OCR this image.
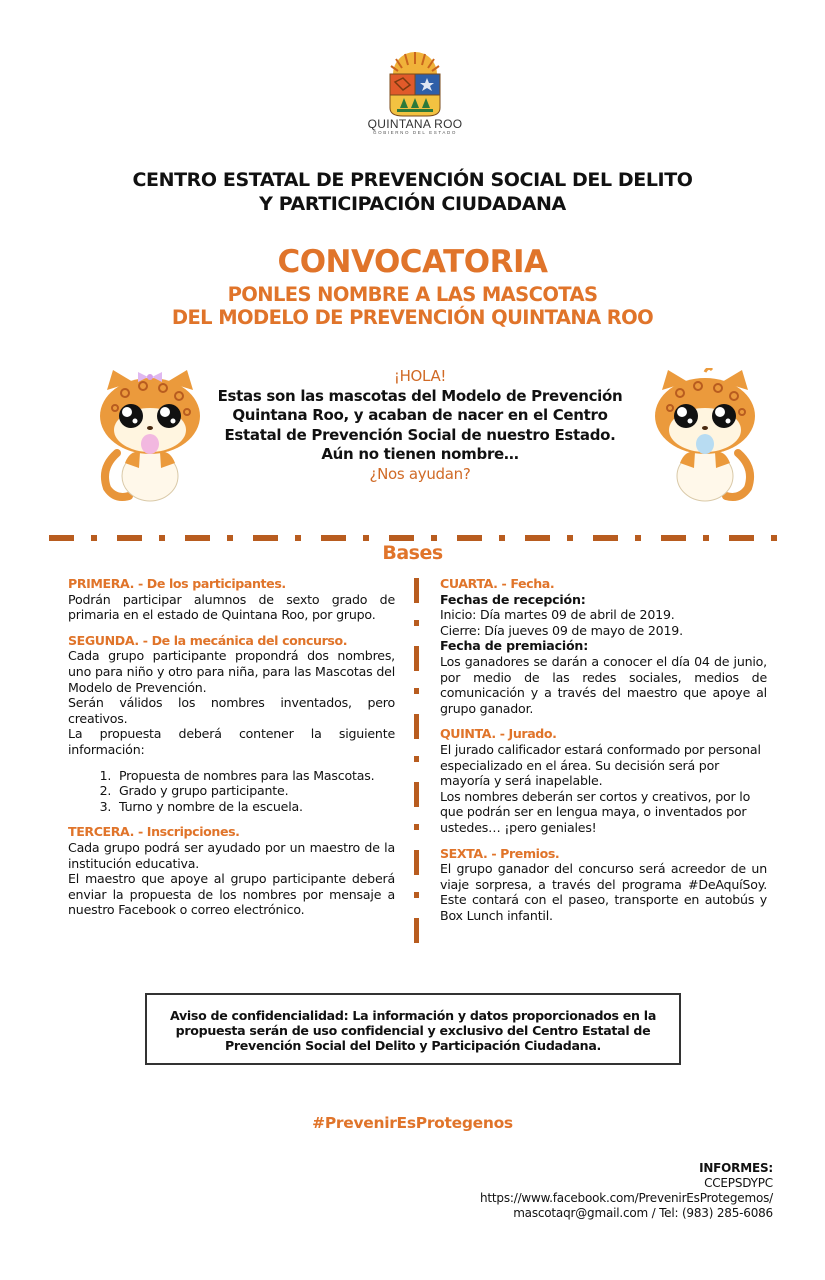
QUINTANA ROO
GOBIERNO DEL ESTADO
CENTRO ESTATAL DE PREVENCIÓN SOCIAL DEL DELITO
Y PARTICIPACIÓN CIUDADANA
CONVOCATORIA
PONLES NOMBRE A LAS MASCOTAS
DEL MODELO DE PREVENCIÓN QUINTANA ROO
¡HOLA!
Estas son las mascotas del Modelo de Prevención
Quintana Roo, y acaban de nacer en el Centro
Estatal de Prevención Social de nuestro Estado.
Aún no tienen nombre…
¿Nos ayudan?
Bases
PRIMERA. - De los participantes.
Podrán participar alumnos de sexto grado de primaria en el estado de Quintana Roo, por grupo.
SEGUNDA. - De la mecánica del concurso.
Cada grupo participante propondrá dos nombres, uno para niño y otro para niña, para las Mascotas del Modelo de Prevención.
Serán válidos los nombres inventados, pero creativos.
La propuesta deberá contener la siguiente información:
1. Propuesta de nombres para las Mascotas.
2. Grado y grupo participante.
3. Turno y nombre de la escuela.
TERCERA. - Inscripciones.
Cada grupo podrá ser ayudado por un maestro de la institución educativa.
El maestro que apoye al grupo participante deberá enviar la propuesta de los nombres por mensaje a nuestro Facebook o correo electrónico.
CUARTA. - Fecha.
Fechas de recepción:
Inicio: Día martes 09 de abril de 2019.
Cierre: Día jueves 09 de mayo de 2019.
Fecha de premiación:
Los ganadores se darán a conocer el día 04 de junio, por medio de las redes sociales, medios de comunicación y a través del maestro que apoye al grupo ganador.
QUINTA. - Jurado.
El jurado calificador estará conformado por personal especializado en el área. Su decisión será por mayoría y será inapelable.
Los nombres deberán ser cortos y creativos, por lo que podrán ser en lengua maya, o inventados por ustedes… ¡pero geniales!
SEXTA. - Premios.
El grupo ganador del concurso será acreedor de un viaje sorpresa, a través del programa #DeAquíSoy. Este contará con el paseo, transporte en autobús y Box Lunch infantil.
Aviso de confidencialidad: La información y datos proporcionados en la
propuesta serán de uso confidencial y exclusivo del Centro Estatal de
Prevención Social del Delito y Participación Ciudadana.
#PrevenirEsProtegenos
INFORMES:
CCEPSDYPC
https://www.facebook.com/PrevenirEsProtegemos/
mascotaqr@gmail.com / Tel: (983) 285-6086
